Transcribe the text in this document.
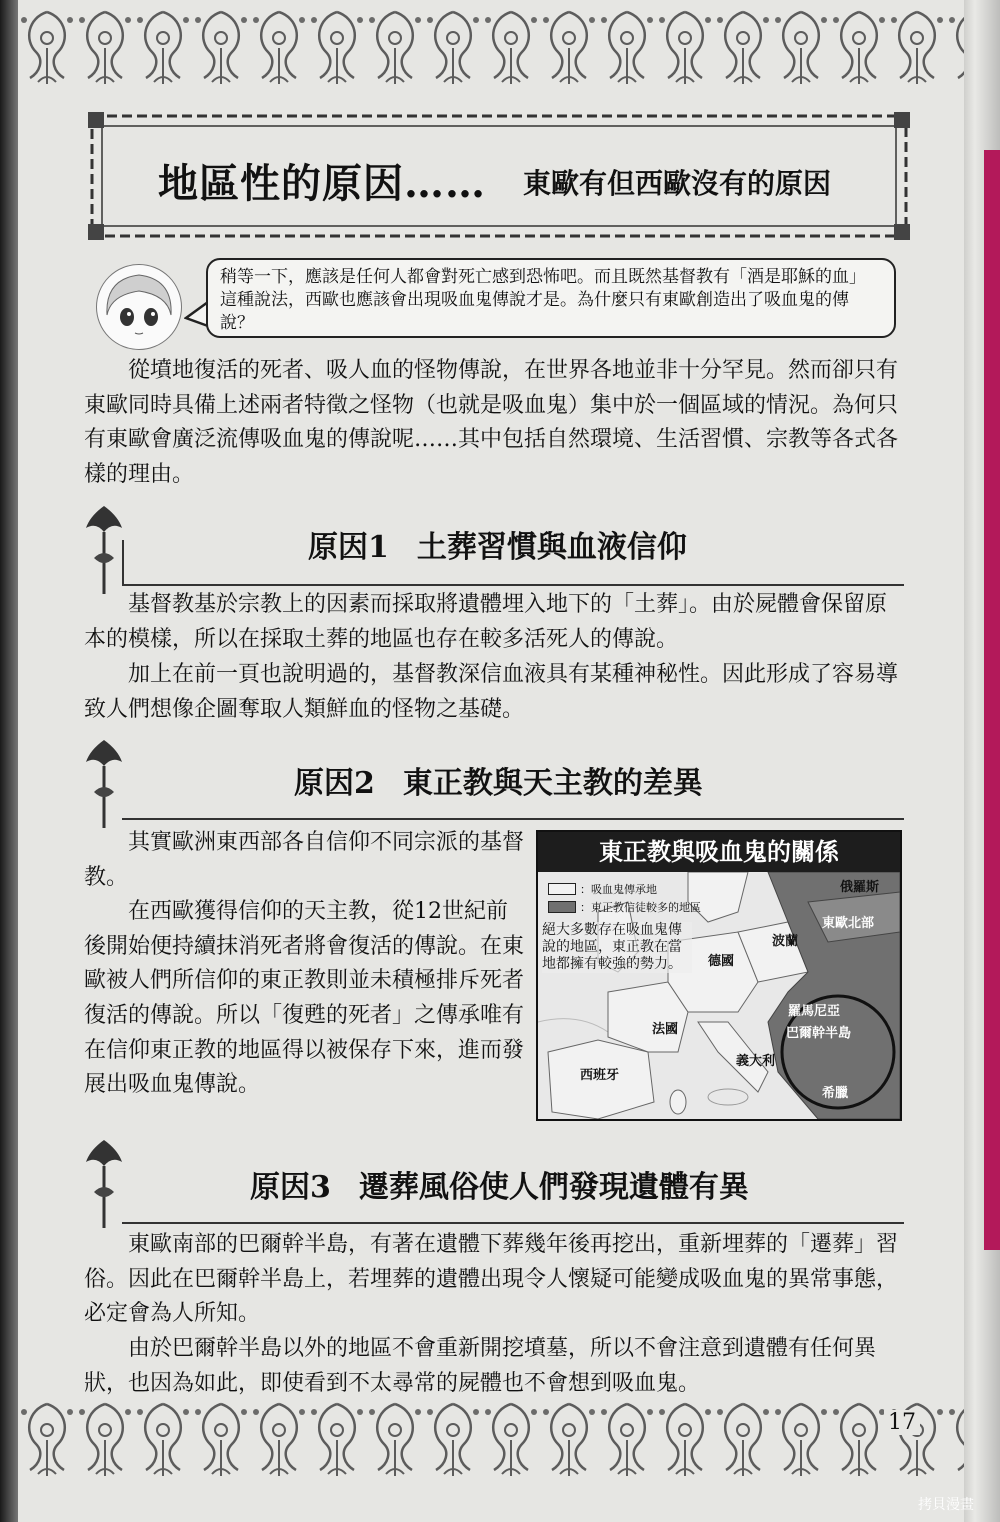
地區性的原因…… 東歐有但西歐沒有的原因
稍等一下，應該是任何人都會對死亡感到恐怖吧。而且既然基督教有「酒是耶穌的血」這種說法，西歐也應該會出現吸血鬼傳說才是。為什麼只有東歐創造出了吸血鬼的傳說？
從墳地復活的死者、吸人血的怪物傳說，在世界各地並非十分罕見。然而卻只有東歐同時具備上述兩者特徵之怪物（也就是吸血鬼）集中於一個區域的情況。為何只有東歐會廣泛流傳吸血鬼的傳說呢……其中包括自然環境、生活習慣、宗教等各式各樣的理由。
原因1 土葬習慣與血液信仰
基督教基於宗教上的因素而採取將遺體埋入地下的「土葬」。由於屍體會保留原本的模樣，所以在採取土葬的地區也存在較多活死人的傳說。
加上在前一頁也說明過的，基督教深信血液具有某種神秘性。因此形成了容易導致人們想像企圖奪取人類鮮血的怪物之基礎。
原因2 東正教與天主教的差異

其實歐洲東西部各自信仰不同宗派的基督教。

在西歐獲得信仰的天主教，從12世紀前後開始便持續抹消死者將會復活的傳說。在東歐被人們所信仰的東正教則並未積極排斥死者復活的傳說。所以「復甦的死者」之傳承唯有在信仰東正教的地區得以被保存下來，進而發展出吸血鬼傳說。

東正教與吸血鬼的關係
：吸血鬼傳承地
：東正教信徒較多的地區
絕大多數存在吸血鬼傳說的地區，東正教在當地都擁有較強的勢力。
俄羅斯
東歐北部
波蘭
德國
羅馬尼亞
巴爾幹半島
法國
西班牙
義大利
希臘
原因3 遷葬風俗使人們發現遺體有異
東歐南部的巴爾幹半島，有著在遺體下葬幾年後再挖出，重新埋葬的「遷葬」習俗。因此在巴爾幹半島上，若埋葬的遺體出現令人懷疑可能變成吸血鬼的異常事態，必定會為人所知。
由於巴爾幹半島以外的地區不會重新開挖墳墓，所以不會注意到遺體有任何異狀，也因為如此，即使看到不太尋常的屍體也不會想到吸血鬼。
17
拷貝漫畫
